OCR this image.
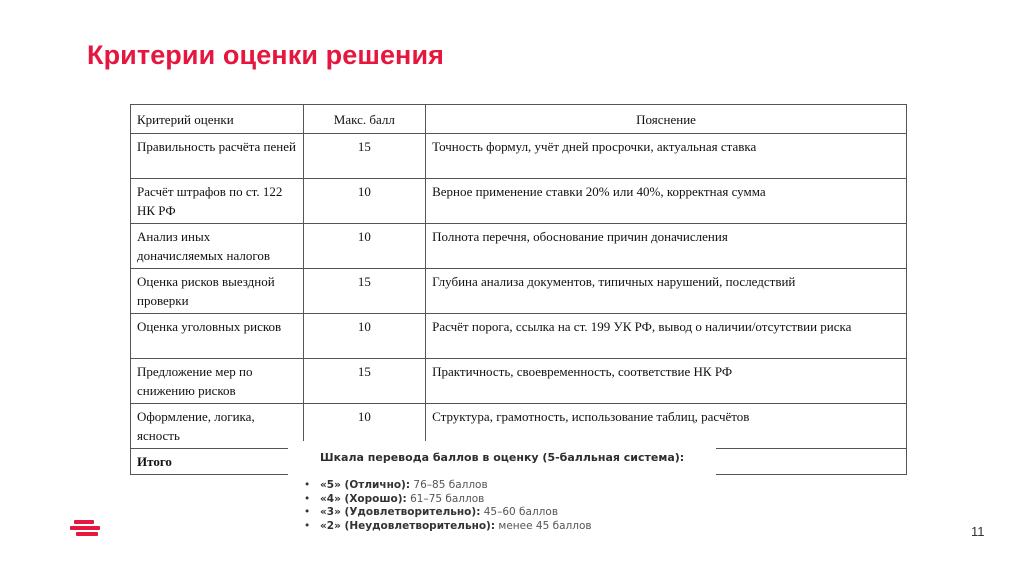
Критерии оценки решения
Критерий оценки	Макс. балл	Пояснение
Правильность расчёта пеней	15	Точность формул, учёт дней просрочки, актуальная ставка
Расчёт штрафов по ст. 122 НК РФ	10	Верное применение ставки 20% или 40%, корректная сумма
Анализ иных доначисляемых налогов	10	Полнота перечня, обоснование причин доначисления
Оценка рисков выездной проверки	15	Глубина анализа документов, типичных нарушений, последствий
Оценка уголовных рисков	10	Расчёт порога, ссылка на ст. 199 УК РФ, вывод о наличии/отсутствии риска
Предложение мер по снижению рисков	15	Практичность, своевременность, соответствие НК РФ
Оформление, логика, ясность	10	Структура, грамотность, использование таблиц, расчётов
Итого			Шкала перевода баллов в оценку (5-балльная система):

• «5» (Отлично): 76–85 баллов
• «4» (Хорошо): 61–75 баллов
• «3» (Удовлетворительно): 45–60 баллов
• «2» (Неудовлетворительно): менее 45 баллов	11
